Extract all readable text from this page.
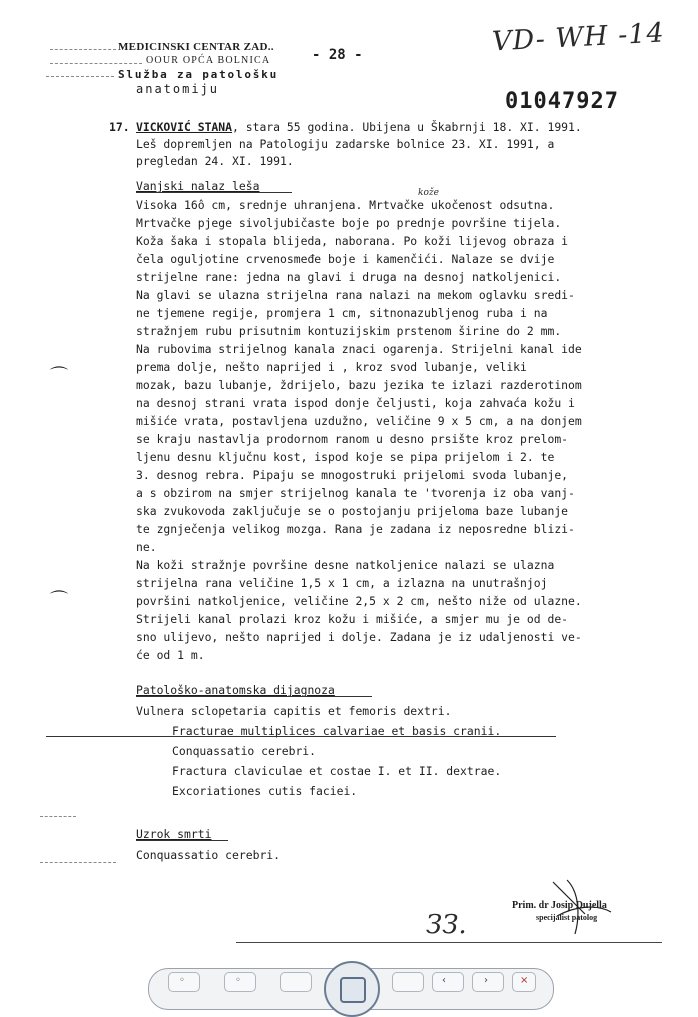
MEDICINSKI CENTAR ZAD..
OOUR OPĆA BOLNICA
Služba za patološku
anatomiju
- 28 -	VD- WH -14
01047927
17. VICKOVIĆ STANA, stara 55 godina. Ubijena u Škabrnji 18. XI. 1991.
Leš dopremljen na Patologiju zadarske bolnice 23. XI. 1991, a
pregledan 24. XI. 1991.
Vanjski nalaz leša	kože
Visoka 16ô cm, srednje uhranjena. Mrtvačke ukočenost odsutna.
Mrtvačke pjege sivoljubičaste boje po prednje površine tijela.
Koža šaka i stopala blijeda, naborana. Po koži lijevog obraza i
čela oguljotine crvenosmeđe boje i kamenčići. Nalaze se dvije
strijelne rane: jedna na glavi i druga na desnoj natkoljenici.
Na glavi se ulazna strijelna rana nalazi na mekom oglavku sredi-
ne tjemene regije, promjera 1 cm, sitnonazubljenog ruba i na
stražnjem rubu prisutnim kontuzijskim prstenom širine do 2 mm.
Na rubovima strijelnog kanala znaci ogarenja. Strijelni kanal ide
prema dolje, nešto naprijed i , kroz svod lubanje, veliki
mozak, bazu lubanje, ždrijelo, bazu jezika te izlazi razderotinom
na desnoj strani vrata ispod donje čeljusti, koja zahvaća kožu i
mišiće vrata, postavljena uzdužno, veličine 9 x 5 cm, a na donjem
se kraju nastavlja prodornom ranom u desno prsište kroz prelom-
ljenu desnu ključnu kost, ispod koje se pipa prijelom i 2. te
3. desnog rebra. Pipaju se mnogostruki prijelomi svoda lubanje,
a s obzirom na smjer strijelnog kanala te 'tvorenja iz oba vanj-
ska zvukovoda zaključuje se o postojanju prijeloma baze lubanje
te zgnječenja velikog mozga. Rana je zadana iz neposredne blizi-
ne.
Na koži stražnje površine desne natkoljenice nalazi se ulazna
strijelna rana veličine 1,5 x 1 cm, a izlazna na unutrašnjoj
površini natkoljenice, veličine 2,5 x 2 cm, nešto niže od ulazne.
Strijeli kanal prolazi kroz kožu i mišiće, a smjer mu je od de-
sno ulijevo, nešto naprijed i dolje. Zadana je iz udaljenosti ve-
će od 1 m.
Patološko-anatomska dijagnoza
Vulnera sclopetaria capitis et femoris dextri.
Fracturae multiplices calvariae et basis cranii.
Conquassatio cerebri.
Fractura claviculae et costae I. et II. dextrae.
Excoriationes cutis faciei.
Uzrok smrti
Conquassatio cerebri.
ЗЗ.
Prim. dr Josip Dujella
specijalist patolog
⌒
⌒
◦	◦	‹	›	×
